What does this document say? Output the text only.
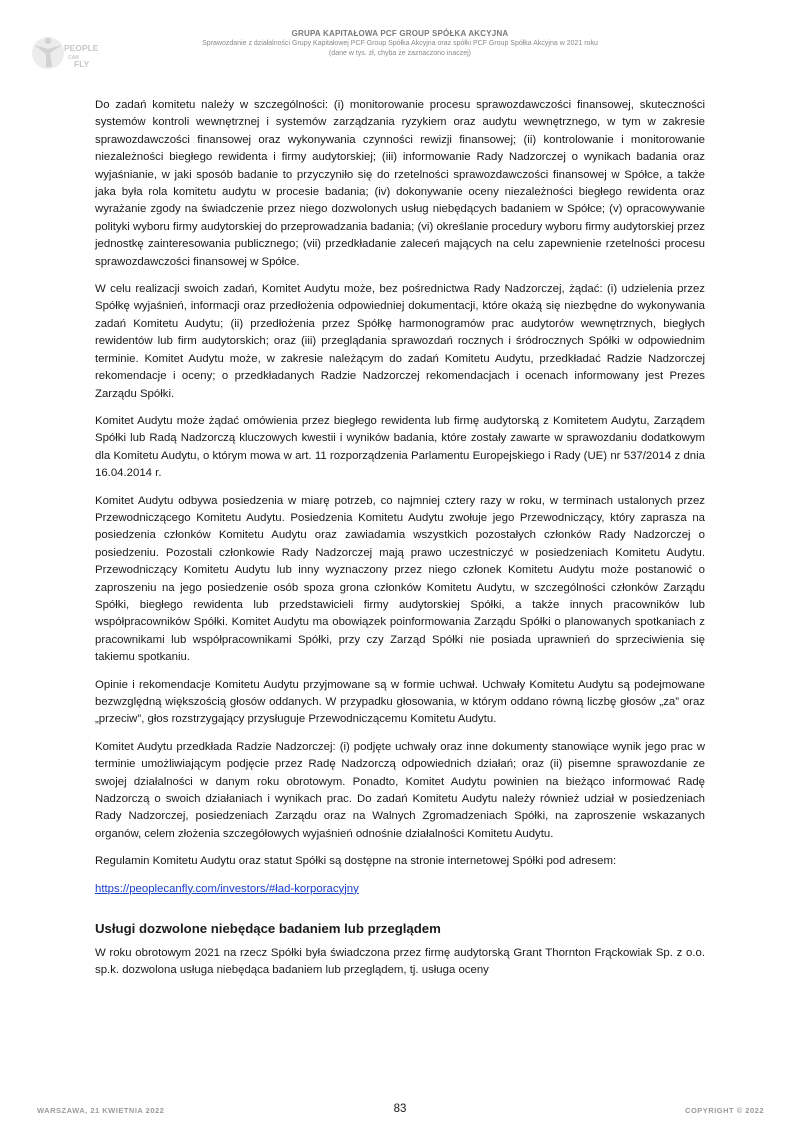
PEOPLE
CAN
FLY
GRUPA KAPITAŁOWA PCF GROUP SPÓŁKA AKCYJNA
Sprawozdanie z działalności Grupy Kapitałowej PCF Group Spółka Akcyjna oraz spółki PCF Group Spółka Akcyjna w 2021 roku
(dane w tys. zł, chyba że zaznaczono inaczej)

Do zadań komitetu należy w szczególności: (i) monitorowanie procesu sprawozdawczości finansowej, skuteczności systemów kontroli wewnętrznej i systemów zarządzania ryzykiem oraz audytu wewnętrznego, w tym w zakresie sprawozdawczości finansowej oraz wykonywania czynności rewizji finansowej; (ii) kontrolowanie i monitorowanie niezależności biegłego rewidenta i firmy audytorskiej; (iii) informowanie Rady Nadzorczej o wynikach badania oraz wyjaśnianie, w jaki sposób badanie to przyczyniło się do rzetelności sprawozdawczości finansowej w Spółce, a także jaka była rola komitetu audytu w procesie badania; (iv) dokonywanie oceny niezależności biegłego rewidenta oraz wyrażanie zgody na świadczenie przez niego dozwolonych usług niebędących badaniem w Spółce; (v) opracowywanie polityki wyboru firmy audytorskiej do przeprowadzania badania; (vi) określanie procedury wyboru firmy audytorskiej przez jednostkę zainteresowania publicznego; (vii) przedkładanie zaleceń mających na celu zapewnienie rzetelności procesu sprawozdawczości finansowej w Spółce.

W celu realizacji swoich zadań, Komitet Audytu może, bez pośrednictwa Rady Nadzorczej, żądać: (i) udzielenia przez Spółkę wyjaśnień, informacji oraz przedłożenia odpowiedniej dokumentacji, które okażą się niezbędne do wykonywania zadań Komitetu Audytu; (ii) przedłożenia przez Spółkę harmonogramów prac audytorów wewnętrznych, biegłych rewidentów lub firm audytorskich; oraz (iii) przeglądania sprawozdań rocznych i śródrocznych Spółki w odpowiednim terminie. Komitet Audytu może, w zakresie należącym do zadań Komitetu Audytu, przedkładać Radzie Nadzorczej rekomendacje i oceny; o przedkładanych Radzie Nadzorczej rekomendacjach i ocenach informowany jest Prezes Zarządu Spółki.

Komitet Audytu może żądać omówienia przez biegłego rewidenta lub firmę audytorską z Komitetem Audytu, Zarządem Spółki lub Radą Nadzorczą kluczowych kwestii i wyników badania, które zostały zawarte w sprawozdaniu dodatkowym dla Komitetu Audytu, o którym mowa w art. 11 rozporządzenia Parlamentu Europejskiego i Rady (UE) nr 537/2014 z dnia 16.04.2014 r.

Komitet Audytu odbywa posiedzenia w miarę potrzeb, co najmniej cztery razy w roku, w terminach ustalonych przez Przewodniczącego Komitetu Audytu. Posiedzenia Komitetu Audytu zwołuje jego Przewodniczący, który zaprasza na posiedzenia członków Komitetu Audytu oraz zawiadamia wszystkich pozostałych członków Rady Nadzorczej o posiedzeniu. Pozostali członkowie Rady Nadzorczej mają prawo uczestniczyć w posiedzeniach Komitetu Audytu. Przewodniczący Komitetu Audytu lub inny wyznaczony przez niego członek Komitetu Audytu może postanowić o zaproszeniu na jego posiedzenie osób spoza grona członków Komitetu Audytu, w szczególności członków Zarządu Spółki, biegłego rewidenta lub przedstawicieli firmy audytorskiej Spółki, a także innych pracowników lub współpracowników Spółki. Komitet Audytu ma obowiązek poinformowania Zarządu Spółki o planowanych spotkaniach z pracownikami lub współpracownikami Spółki, przy czy Zarząd Spółki nie posiada uprawnień do sprzeciwienia się takiemu spotkaniu.

Opinie i rekomendacje Komitetu Audytu przyjmowane są w formie uchwał. Uchwały Komitetu Audytu są podejmowane bezwzględną większością głosów oddanych. W przypadku głosowania, w którym oddano równą liczbę głosów „za” oraz „przeciw”, głos rozstrzygający przysługuje Przewodniczącemu Komitetu Audytu.

Komitet Audytu przedkłada Radzie Nadzorczej: (i) podjęte uchwały oraz inne dokumenty stanowiące wynik jego prac w terminie umożliwiającym podjęcie przez Radę Nadzorczą odpowiednich działań; oraz (ii) pisemne sprawozdanie ze swojej działalności w danym roku obrotowym. Ponadto, Komitet Audytu powinien na bieżąco informować Radę Nadzorczą o swoich działaniach i wynikach prac. Do zadań Komitetu Audytu należy również udział w posiedzeniach Rady Nadzorczej, posiedzeniach Zarządu oraz na Walnych Zgromadzeniach Spółki, na zaproszenie wskazanych organów, celem złożenia szczegółowych wyjaśnień odnośnie działalności Komitetu Audytu.

Regulamin Komitetu Audytu oraz statut Spółki są dostępne na stronie internetowej Spółki pod adresem:

https://peoplecanfly.com/investors/#ład-korporacyjny

Usługi dozwolone niebędące badaniem lub przeglądem

W roku obrotowym 2021 na rzecz Spółki była świadczona przez firmę audytorską Grant Thornton Frąckowiak Sp. z o.o. sp.k. dozwolona usługa niebędąca badaniem lub przeglądem, tj. usługa oceny

WARSZAWA, 21 KWIETNIA 2022	83	COPYRIGHT © 2022
